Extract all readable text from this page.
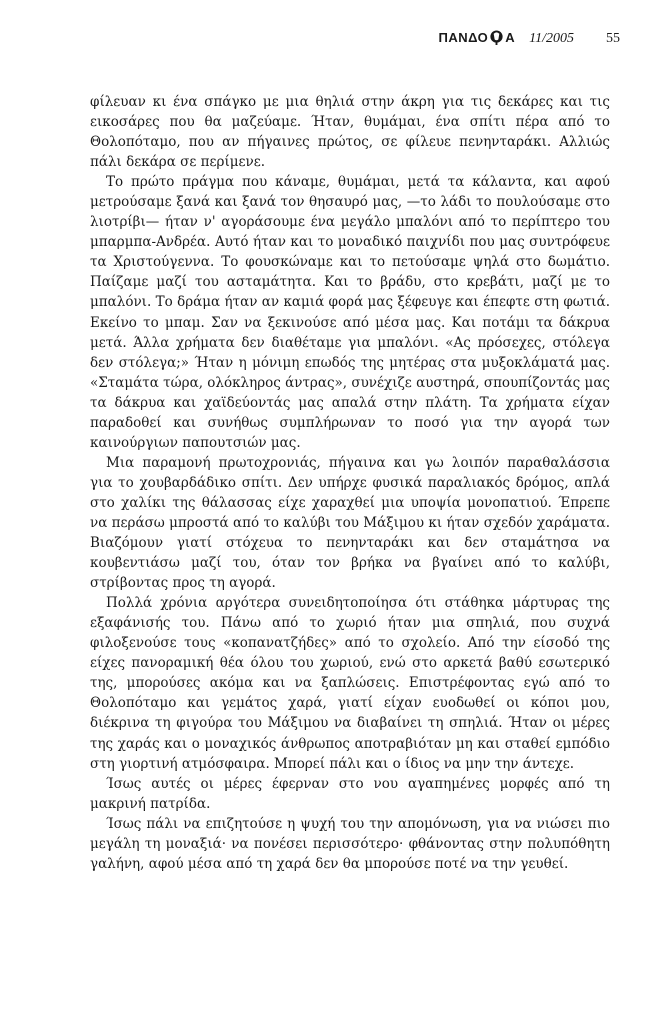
ΠΑΝΔΟ Α 11/2005 55

φίλευαν κι ένα σπάγκο με μια θηλιά στην άκρη για τις δεκάρες και τις εικοσάρες που θα μαζεύαμε. Ήταν, θυμάμαι, ένα σπίτι πέρα από το Θολοπόταμο, που αν πήγαινες πρώτος, σε φίλευε πενηνταράκι. Αλλιώς πάλι δεκάρα σε περίμενε.

Το πρώτο πράγμα που κάναμε, θυμάμαι, μετά τα κάλαντα, και αφού μετρούσαμε ξανά και ξανά τον θησαυρό μας, —το λάδι το πουλούσαμε στο λιοτρίβι— ήταν ν' αγοράσουμε ένα μεγάλο μπαλόνι από το περίπτερο του μπαρμπα-Ανδρέα. Αυτό ήταν και το μοναδικό παιχνίδι που μας συντρόφευε τα Χριστούγεννα. Το φουσκώναμε και το πετούσαμε ψηλά στο δωμάτιο. Παίζαμε μαζί του ασταμάτητα. Και το βράδυ, στο κρεβάτι, μαζί με το μπαλόνι. Το δράμα ήταν αν καμιά φορά μας ξέφευγε και έπεφτε στη φωτιά. Εκείνο το μπαμ. Σαν να ξεκινούσε από μέσα μας. Και ποτάμι τα δάκρυα μετά. Άλλα χρήματα δεν διαθέταμε για μπαλόνι. «Ας πρόσεχες, στόλεγα δεν στόλεγα;» Ήταν η μόνιμη επωδός της μητέρας στα μυξοκλάματά μας. «Σταμάτα τώρα, ολόκληρος άντρας», συνέχιζε αυστηρά, σπουπίζοντάς μας τα δάκρυα και χαϊδεύοντάς μας απαλά στην πλάτη. Τα χρήματα είχαν παραδοθεί και συνήθως συμπλήρωναν το ποσό για την αγορά των καινούργιων παπουτσιών μας.

Μια παραμονή πρωτοχρονιάς, πήγαινα και γω λοιπόν παραθαλάσσια για το χουβαρδάδικο σπίτι. Δεν υπήρχε φυσικά παραλιακός δρόμος, απλά στο χαλίκι της θάλασσας είχε χαραχθεί μια υποψία μονοπατιού. Έπρεπε να περάσω μπροστά από το καλύβι του Μάξιμου κι ήταν σχεδόν χαράματα. Βιαζόμουν γιατί στόχευα το πενηνταράκι και δεν σταμάτησα να κουβεντιάσω μαζί του, όταν τον βρήκα να βγαίνει από το καλύβι, στρίβοντας προς τη αγορά.

Πολλά χρόνια αργότερα συνειδητοποίησα ότι στάθηκα μάρτυρας της εξαφάνισής του. Πάνω από το χωριό ήταν μια σπηλιά, που συχνά φιλοξενούσε τους «κοπανατζήδες» από το σχολείο. Από την είσοδό της είχες πανοραμική θέα όλου του χωριού, ενώ στο αρκετά βαθύ εσωτερικό της, μπορούσες ακόμα και να ξαπλώσεις. Επιστρέφοντας εγώ από το Θολοπόταμο και γεμάτος χαρά, γιατί είχαν ευοδωθεί οι κόποι μου, διέκρινα τη φιγούρα του Μάξιμου να διαβαίνει τη σπηλιά. Ήταν οι μέρες της χαράς και ο μοναχικός άνθρωπος αποτραβιόταν μη και σταθεί εμπόδιο στη γιορτινή ατμόσφαιρα. Μπορεί πάλι και ο ίδιος να μην την άντεχε.

Ίσως αυτές οι μέρες έφερναν στο νου αγαπημένες μορφές από τη μακρινή πατρίδα.

Ίσως πάλι να επιζητούσε η ψυχή του την απομόνωση, για να νιώσει πιο μεγάλη τη μοναξιά· να πονέσει περισσότερο· φθάνοντας στην πολυπόθητη γαλήνη, αφού μέσα από τη χαρά δεν θα μπορούσε ποτέ να την γευθεί.
